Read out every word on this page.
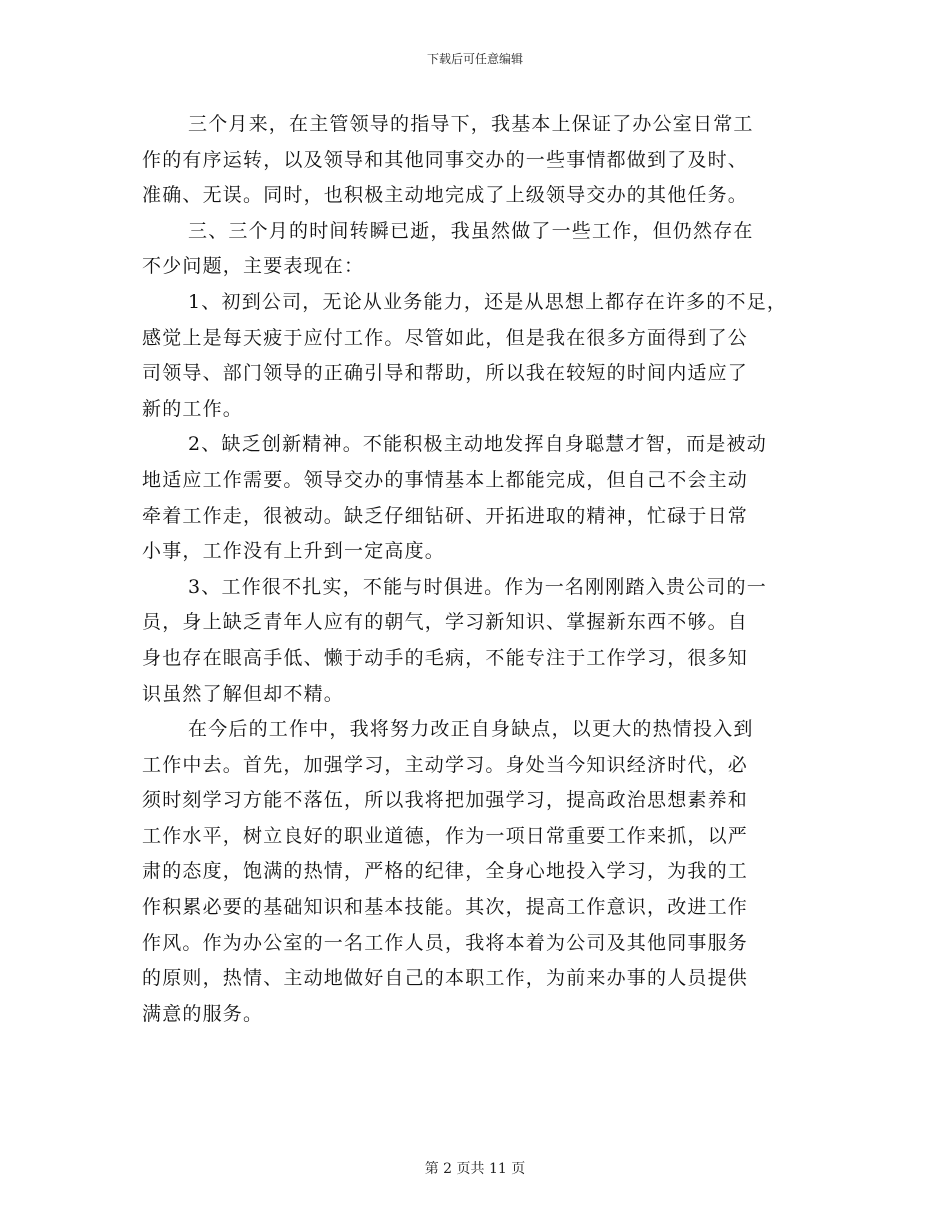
下载后可任意编辑
三个月来，在主管领导的指导下，我基本上保证了办公室日常工
作的有序运转，以及领导和其他同事交办的一些事情都做到了及时、
准确、无误。同时，也积极主动地完成了上级领导交办的其他任务。
三、三个月的时间转瞬已逝，我虽然做了一些工作，但仍然存在
不少问题，主要表现在：
1、初到公司，无论从业务能力，还是从思想上都存在许多的不足，
感觉上是每天疲于应付工作。尽管如此，但是我在很多方面得到了公
司领导、部门领导的正确引导和帮助，所以我在较短的时间内适应了
新的工作。
2、缺乏创新精神。不能积极主动地发挥自身聪慧才智，而是被动
地适应工作需要。领导交办的事情基本上都能完成，但自己不会主动
牵着工作走，很被动。缺乏仔细钻研、开拓进取的精神，忙碌于日常
小事，工作没有上升到一定高度。
3、工作很不扎实，不能与时俱进。作为一名刚刚踏入贵公司的一
员，身上缺乏青年人应有的朝气，学习新知识、掌握新东西不够。自
身也存在眼高手低、懒于动手的毛病，不能专注于工作学习，很多知
识虽然了解但却不精。
在今后的工作中，我将努力改正自身缺点，以更大的热情投入到
工作中去。首先，加强学习，主动学习。身处当今知识经济时代，必
须时刻学习方能不落伍，所以我将把加强学习，提高政治思想素养和
工作水平，树立良好的职业道德，作为一项日常重要工作来抓，以严
肃的态度，饱满的热情，严格的纪律，全身心地投入学习，为我的工
作积累必要的基础知识和基本技能。其次，提高工作意识，改进工作
作风。作为办公室的一名工作人员，我将本着为公司及其他同事服务
的原则，热情、主动地做好自己的本职工作，为前来办事的人员提供
满意的服务。
第 2 页共 11 页
